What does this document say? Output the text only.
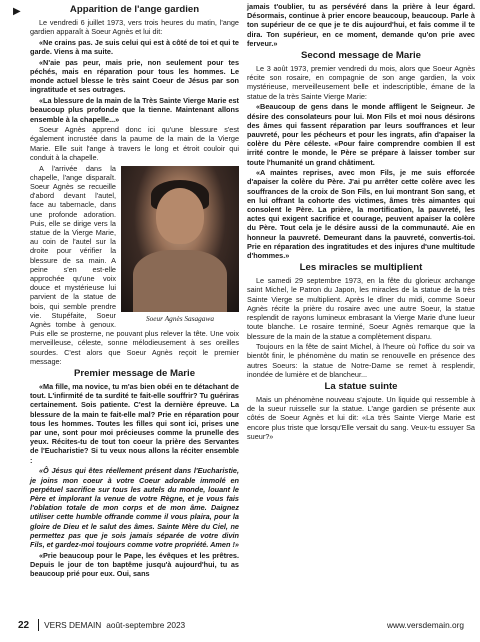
▶	Apparition de l'ange gardien

Le vendredi 6 juillet 1973, vers trois heures du matin, l'ange gardien apparaît à Soeur Agnès et lui dit:

«Ne crains pas. Je suis celui qui est à côté de toi et qui te garde. Viens à ma suite.

«N'aie pas peur, mais prie, non seulement pour tes péchés, mais en réparation pour tous les hommes. Le monde actuel blesse le très saint Coeur de Jésus par son ingratitude et ses outrages.

«La blessure de la main de la Très Sainte Vierge Marie est beaucoup plus profonde que la tienne. Maintenant allons ensemble à la chapelle...»

Soeur Agnès apprend donc ici qu'une blessure s'est également incrustée dans la paume de la main de la Vierge Marie. Elle suit l'ange à travers le long et étroit couloir qui conduit à la chapelle.

Soeur Agnès Sasagawa

A l'arrivée dans la chapelle, l'ange disparaît. Soeur Agnès se recueille d'abord devant l'autel, face au tabernacle, dans une profonde adoration. Puis, elle se dirige vers la statue de la Vierge Marie, au coin de l'autel sur la droite pour vérifier la blessure de sa main. A peine s'en est-elle approchée qu'une voix douce et mystérieuse lui parvient de la statue de bois, qui semble prendre vie. Stupéfaite, Soeur Agnès tombe à genoux. Puis elle se prosterne, ne pouvant plus relever la tête. Une voix merveilleuse, céleste, sonne mélodieusement à ses oreilles sourdes. C'est alors que Soeur Agnès reçoit le premier message:

Premier message de Marie

«Ma fille, ma novice, tu m'as bien obéi en te détachant de tout. L'infirmité de ta surdité te fait-elle souffrir? Tu guériras certainement. Sois patiente. C'est la dernière épreuve. La blessure de la main te fait-elle mal? Prie en réparation pour tous les hommes. Toutes les filles qui sont ici, prises une par une, sont pour moi précieuses comme la prunelle des yeux. Récites-tu de tout ton coeur la prière des Servantes de l'Eucharistie? Si tu veux nous allons la réciter ensemble :

«Ô Jésus qui êtes réellement présent dans l'Eucharistie, je joins mon coeur à votre Coeur adorable immolé en perpétuel sacrifice sur tous les autels du monde, louant le Père et implorant la venue de votre Règne, et je vous fais l'oblation totale de mon corps et de mon âme. Daignez utiliser cette humble offrande comme il vous plaira, pour la gloire de Dieu et le salut des âmes. Sainte Mère du Ciel, ne permettez pas que je sois jamais séparée de votre divin Fils, et gardez-moi toujours comme votre propriété. Amen !»

«Prie beaucoup pour le Pape, les évêques et les prêtres. Depuis le jour de ton baptême jusqu'à aujourd'hui, tu as beaucoup prié pour eux. Oui, sans

jamais t'oublier, tu as persévéré dans la prière à leur égard. Désormais, continue à prier encore beaucoup, beaucoup. Parle à ton supérieur de ce que je te dis aujourd'hui, et fais comme il te dira. Ton supérieur, en ce moment, demande qu'on prie avec ferveur.»

Second message de Marie

Le 3 août 1973, premier vendredi du mois, alors que Soeur Agnès récite son rosaire, en compagnie de son ange gardien, la voix mystérieuse, merveilleusement belle et indescriptible, émane de la statue de la très Sainte Vierge Marie:

«Beaucoup de gens dans le monde affligent le Seigneur. Je désire des consolateurs pour lui. Mon Fils et moi nous désirons des âmes qui fassent réparation par leurs souffrances et leur pauvreté, pour les pécheurs et pour les ingrats, afin d'apaiser la colère du Père céleste. «Pour faire comprendre combien Il est irrité contre le monde, le Père se prépare à laisser tomber sur toute l'humanité un grand châtiment.

«A maintes reprises, avec mon Fils, je me suis efforcée d'apaiser la colère du Père. J'ai pu arrêter cette colère avec les souffrances de la croix de Son Fils, en lui montrant Son sang, et en lui offrant la cohorte des victimes, âmes très aimantes qui consolent le Père. La prière, la mortification, la pauvreté, les actes qui exigent sacrifice et courage, peuvent apaiser la colère du Père. Tout cela je le désire aussi de la communauté. Aie en honneur la pauvreté. Demeurant dans la pauvreté, convertis-toi. Prie en réparation des ingratitudes et des injures d'une multitude d'hommes.»

Les miracles se multiplient

Le samedi 29 septembre 1973, en la fête du glorieux archange saint Michel, le Patron du Japon, les miracles de la statue de la très Sainte Vierge se multiplient. Après le dîner du midi, comme Soeur Agnès récite la prière du rosaire avec une autre Soeur, la statue resplendit de rayons lumineux embrasant la Vierge Marie d'une lueur toute blanche. Le rosaire terminé, Soeur Agnès remarque que la blessure de la main de la statue a complètement disparu.

Toujours en la fête de saint Michel, à l'heure où l'office du soir va bientôt finir, le phénomène du matin se renouvelle en présence des autres Soeurs: la statue de Notre-Dame se remet à resplendir, inondée de lumière et de blancheur...

La statue suinte

Mais un phénomène nouveau s'ajoute. Un liquide qui ressemble à de la sueur ruisselle sur la statue. L'ange gardien se présente aux côtés de Soeur Agnès et lui dit: «La très Sainte Vierge Marie est encore plus triste que lorsqu'Elle versait du sang. Veux-tu essuyer Sa sueur?»

22 VERS DEMAIN août-septembre 2023	www.versdemain.org
